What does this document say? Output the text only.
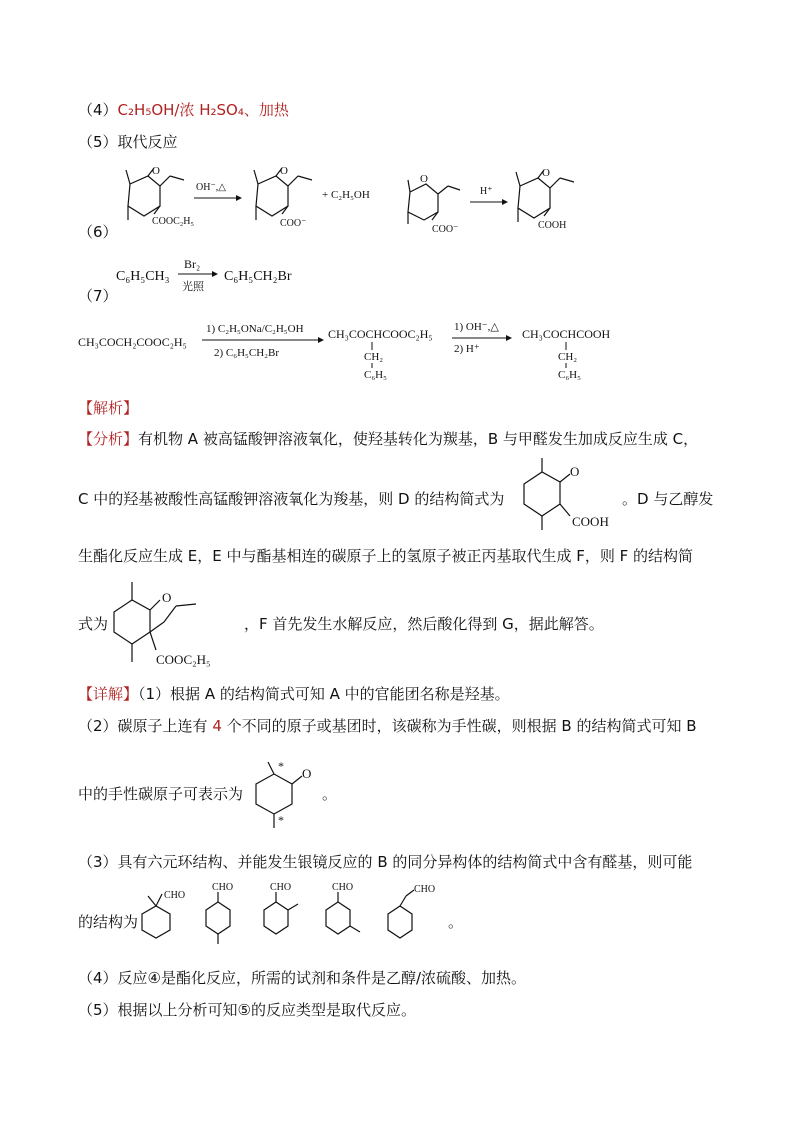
（4）C₂H₅OH/浓 H₂SO₄、加热
（5）取代反应
（6）
O
COOC₂H₅
OH⁻,△
O
COO⁻
+ C₂H₅OH
O
COO⁻
H⁺
O
COOH
（7）
C₆H₅CH₃
Br₂
光照
C₆H₅CH₂Br
CH₃COCH₂COOC₂H₅
1) C₂H₅ONa/C₂H₅OH
2) C₆H₅CH₂Br
CH₃COCHCOOC₂H₅
CH₂
C₆H₅
1) OH⁻,△
2) H⁺
CH₃COCHCOOH
CH₂
C₆H₅
【解析】
【分析】有机物 A 被高锰酸钾溶液氧化，使羟基转化为羰基，B 与甲醛发生加成反应生成 C，
C 中的羟基被酸性高锰酸钾溶液氧化为羧基，则 D 的结构简式为
O
COOH
。D 与乙醇发
生酯化反应生成 E，E 中与酯基相连的碳原子上的氢原子被正丙基取代生成 F，则 F 的结构简
式为
O
COOC₂H₅
，F 首先发生水解反应，然后酸化得到 G，据此解答。
【详解】（1）根据 A 的结构简式可知 A 中的官能团名称是羟基。
（2）碳原子上连有 4 个不同的原子或基团时，该碳称为手性碳，则根据 B 的结构简式可知 B
中的手性碳原子可表示为
* O
*
。
（3）具有六元环结构、并能发生银镜反应的 B 的同分异构体的结构简式中含有醛基，则可能
的结构为
CHO
CHO	CHO	CHO	CHO
。
（4）反应④是酯化反应，所需的试剂和条件是乙醇/浓硫酸、加热。
（5）根据以上分析可知⑤的反应类型是取代反应。
